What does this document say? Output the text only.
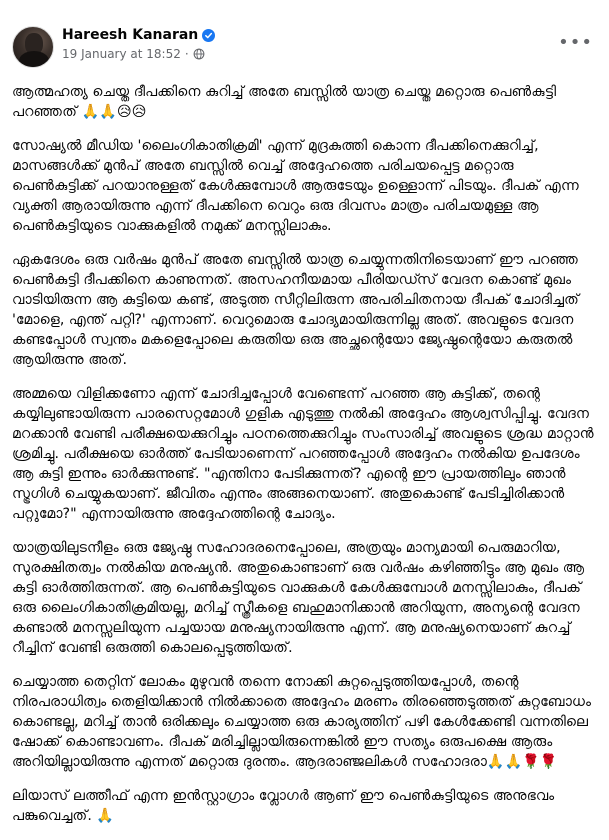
Hareesh Kanaran
19 January at 18:52 ·
•••

ആത്മഹത്യ ചെയ്ത ദീപക്കിനെ കുറിച്ച് അതേ ബസ്സിൽ യാത്ര ചെയ്ത മറ്റൊരു പെൺകുട്ടി പറഞ്ഞത് 🙏🙏😥😥

സോഷ്യൽ മീഡിയ 'ലൈംഗികാതിക്രമി' എന്ന് മുദ്രകുത്തി കൊന്ന ദീപക്കിനെക്കുറിച്ച്, മാസങ്ങൾക്ക് മുൻപ് അതേ ബസ്സിൽ വെച്ച് അദ്ദേഹത്തെ പരിചയപ്പെട്ട മറ്റൊരു പെൺകുട്ടിക്ക് പറയാനുള്ളത് കേൾക്കുമ്പോൾ ആരുടേയും ഉള്ളൊന്ന് പിടയും. ദീപക് എന്ന വ്യക്തി ആരായിരുന്നു എന്ന് ദീപക്കിനെ വെറും ഒരു ദിവസം മാത്രം പരിചയമുള്ള ആ പെൺകുട്ടിയുടെ വാക്കുകളിൽ നമുക്ക് മനസ്സിലാകും.

ഏകദേശം ഒരു വർഷം മുൻപ് അതേ ബസ്സിൽ യാത്ര ചെയ്യുന്നതിനിടെയാണ് ഈ പറഞ്ഞ പെൺകുട്ടി ദീപക്കിനെ കാണുന്നത്. അസഹനീയമായ പീരിയഡ്സ് വേദന കൊണ്ട് മുഖം വാടിയിരുന്ന ആ കുട്ടിയെ കണ്ട്, അടുത്ത സീറ്റിലിരുന്ന അപരിചിതനായ ദീപക് ചോദിച്ചത് 'മോളെ, എന്ത് പറ്റി?' എന്നാണ്. വെറുമൊരു ചോദ്യമായിരുന്നില്ല അത്. അവളുടെ വേദന കണ്ടപ്പോൾ സ്വന്തം മകളെപ്പോലെ കരുതിയ ഒരു അച്ഛന്റെയോ ജ്യേഷ്ഠന്റെയോ കരുതൽ ആയിരുന്നു അത്.

അമ്മയെ വിളിക്കണോ എന്ന് ചോദിച്ചപ്പോൾ വേണ്ടെന്ന് പറഞ്ഞ ആ കുട്ടിക്ക്, തന്റെ കയ്യിലുണ്ടായിരുന്ന പാരസെറ്റമോൾ ഗുളിക എടുത്തു നൽകി അദ്ദേഹം ആശ്വസിപ്പിച്ചു. വേദന മറക്കാൻ വേണ്ടി പരീക്ഷയെക്കുറിച്ചും പഠനത്തെക്കുറിച്ചും സംസാരിച്ച് അവളുടെ ശ്രദ്ധ മാറ്റാൻ ശ്രമിച്ചു. പരീക്ഷയെ ഓർത്ത് പേടിയാണെന്ന് പറഞ്ഞപ്പോൾ അദ്ദേഹം നൽകിയ ഉപദേശം ആ കുട്ടി ഇന്നും ഓർക്കുന്നുണ്ട്. "എന്തിനാ പേടിക്കുന്നത്? എന്റെ ഈ പ്രായത്തിലും ഞാൻ സ്ട്രഗിൾ ചെയ്യുകയാണ്. ജീവിതം എന്നും അങ്ങനെയാണ്. അതുകൊണ്ട് പേടിച്ചിരിക്കാൻ പറ്റുമോ?" എന്നായിരുന്നു അദ്ദേഹത്തിന്റെ ചോദ്യം.

യാത്രയിലുടനീളം ഒരു ജ്യേഷ്ഠ സഹോദരനെപ്പോലെ, അത്രയും മാന്യമായി പെരുമാറിയ, സുരക്ഷിതത്വം നൽകിയ മനുഷ്യൻ. അതുകൊണ്ടാണ് ഒരു വർഷം കഴിഞ്ഞിട്ടും ആ മുഖം ആ കുട്ടി ഓർത്തിരുന്നത്. ആ പെൺകുട്ടിയുടെ വാക്കുകൾ കേൾക്കുമ്പോൾ മനസ്സിലാകും, ദീപക് ഒരു ലൈംഗികാതിക്രമിയല്ല, മറിച്ച് സ്ത്രീകളെ ബഹുമാനിക്കാൻ അറിയുന്ന, അന്യന്റെ വേദന കണ്ടാൽ മനസ്സലിയുന്ന പച്ചയായ മനുഷ്യനായിരുന്നു എന്ന്. ആ മനുഷ്യനെയാണ് കുറച്ച് റീച്ചിന് വേണ്ടി ഒരുത്തി കൊലപ്പെടുത്തിയത്.

ചെയ്യാത്ത തെറ്റിന് ലോകം മുഴുവൻ തന്നെ നോക്കി കുറ്റപ്പെടുത്തിയപ്പോൾ, തന്റെ നിരപരാധിത്വം തെളിയിക്കാൻ നിൽക്കാതെ അദ്ദേഹം മരണം തിരഞ്ഞെടുത്തത് കുറ്റബോധം കൊണ്ടല്ല, മറിച്ച് താൻ ഒരിക്കലും ചെയ്യാത്ത ഒരു കാര്യത്തിന് പഴി കേൾക്കേണ്ടി വന്നതിലെ ഷോക്ക് കൊണ്ടാവണം. ദീപക് മരിച്ചില്ലായിരുന്നെങ്കിൽ ഈ സത്യം ഒരുപക്ഷെ ആരും അറിയില്ലായിരുന്നു എന്നത് മറ്റൊരു ദുരന്തം. ആദരാഞ്ജലികൾ സഹോദരാ🙏🙏🌹🌹

ലിയാസ് ലത്തീഫ് എന്ന ഇൻസ്റ്റാഗ്രാം വ്ലോഗർ ആണ് ഈ പെൺകുട്ടിയുടെ അനുഭവം പങ്കുവെച്ചത്. 🙏
